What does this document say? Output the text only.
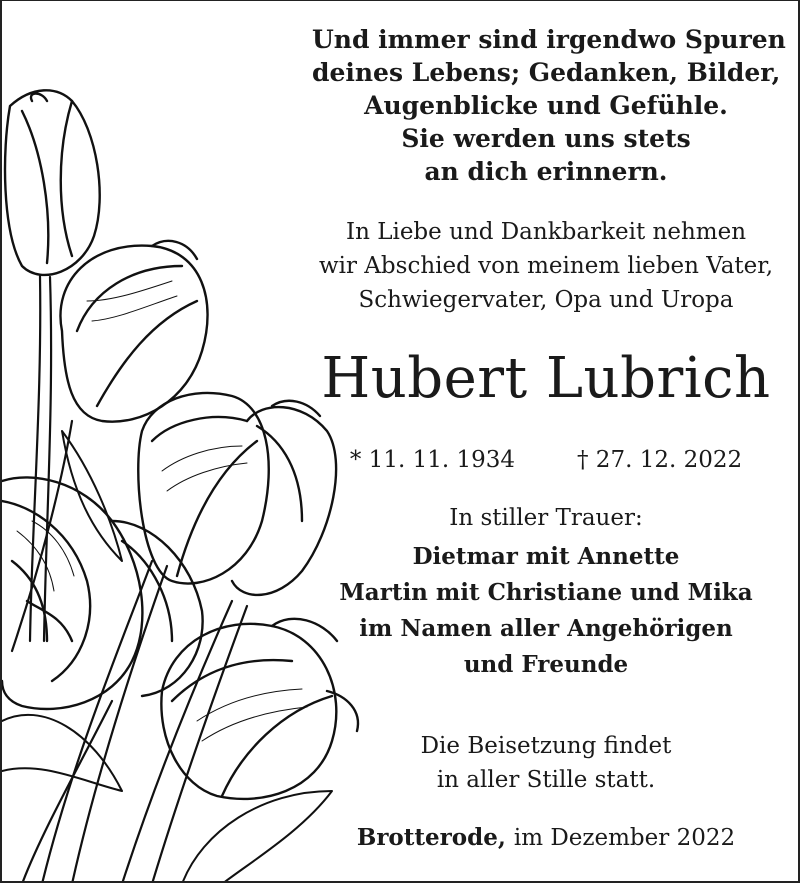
Und immer sind irgendwo Spuren
deines Lebens; Gedanken, Bilder,
Augenblicke und Gefühle.
Sie werden uns stets
an dich erinnern.
In Liebe und Dankbarkeit nehmen
wir Abschied von meinem lieben Vater,
Schwiegervater, Opa und Uropa
Hubert Lubrich
* 11. 11. 1934	† 27. 12. 2022
In stiller Trauer:
Dietmar mit Annette
Martin mit Christiane und Mika
im Namen aller Angehörigen
und Freunde
Die Beisetzung findet
in aller Stille statt.
Brotterode, im Dezember 2022
